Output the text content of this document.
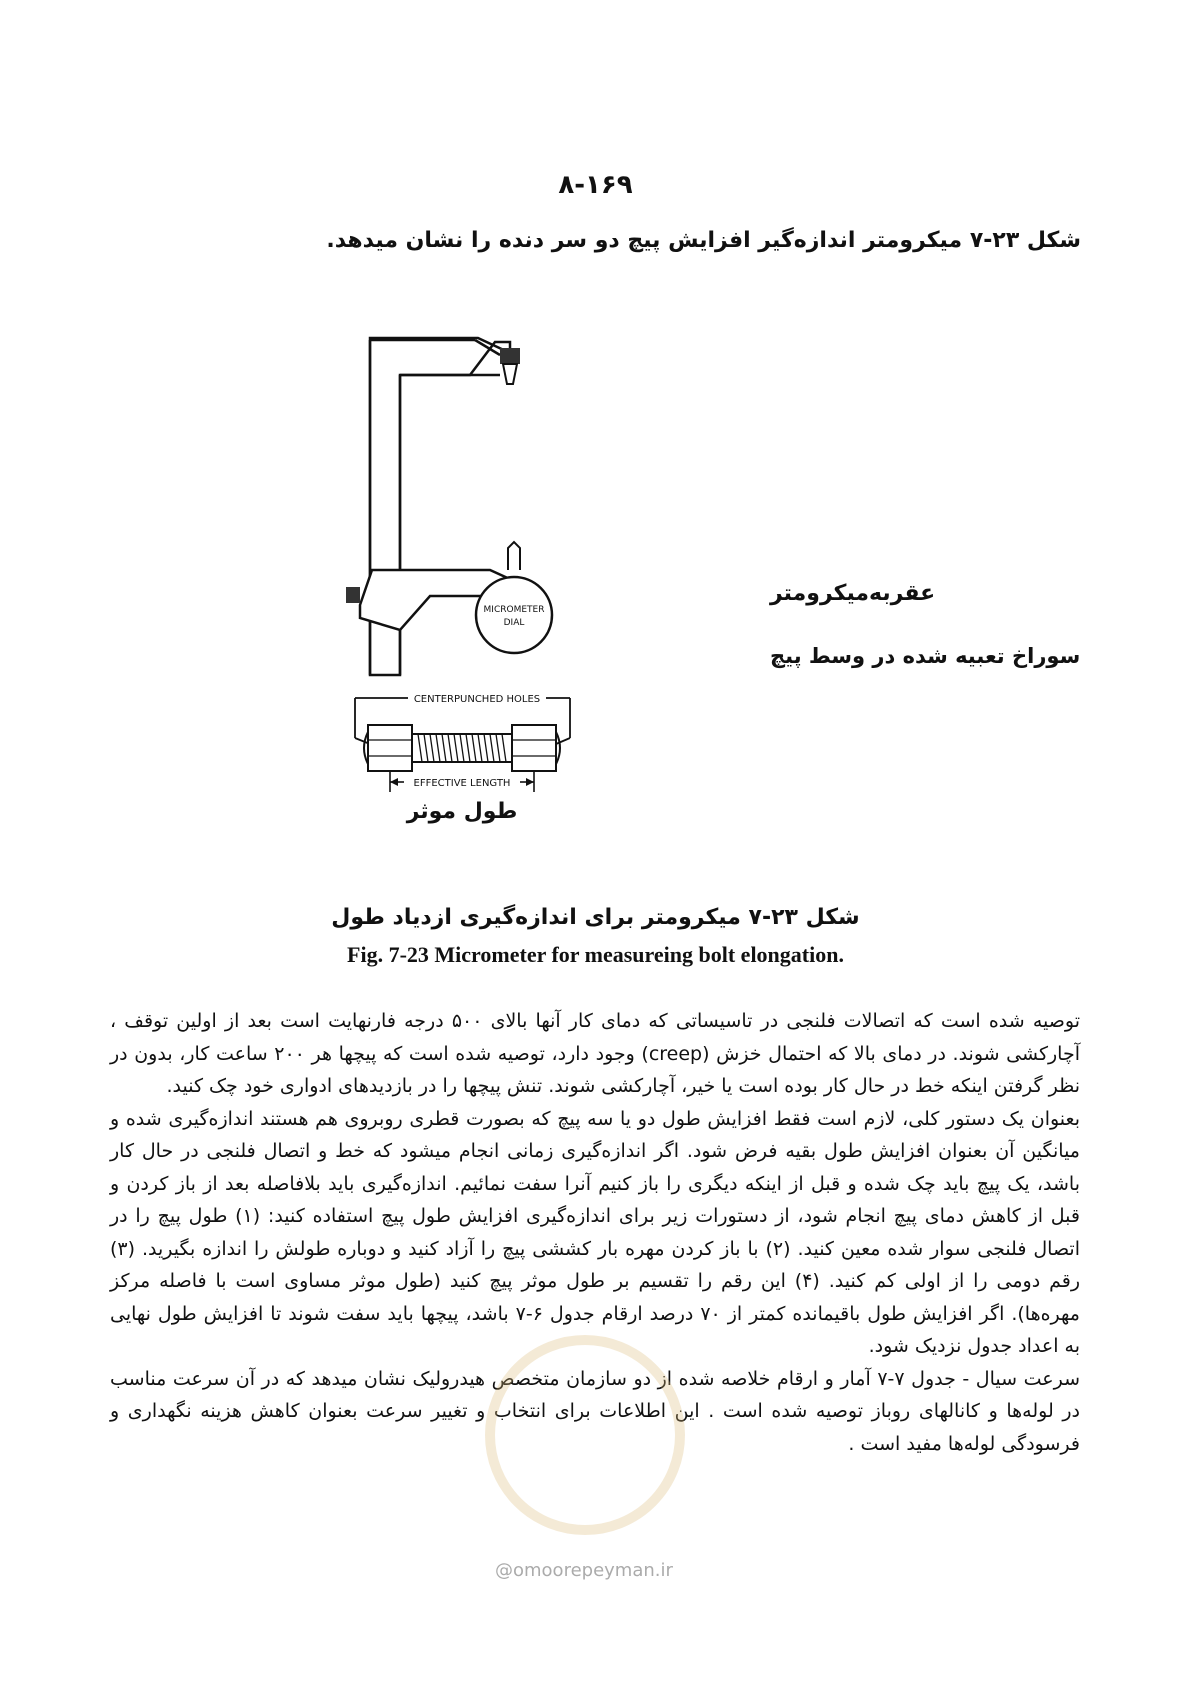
۸-۱۶۹
شکل ۲۳-۷ میکرومتر اندازه‌گیر افزایش پیچ دو سر دنده را نشان میدهد.
MICROMETER
DIAL
عقربه‌میکرومتر
سوراخ تعبیه شده در وسط پیچ
CENTERPUNCHED HOLES
EFFECTIVE LENGTH
طول موثر
شکل ۲۳-۷ میکرومتر برای اندازه‌گیری ازدیاد طول
Fig. 7-23 Micrometer for measureing bolt elongation.

توصیه شده است که اتصالات فلنجی در تاسیساتی که دمای کار آنها بالای ۵۰۰ درجه فارنهایت است بعد از اولین توقف ، آچارکشی شوند. در دمای بالا که احتمال خزش (creep) وجود دارد، توصیه شده است که پیچها هر ۲۰۰ ساعت کار، بدون در نظر گرفتن اینکه خط در حال کار بوده است یا خیر، آچارکشی شوند. تنش پیچها را در بازدیدهای ادواری خود چک کنید.

بعنوان یک دستور کلی، لازم است فقط افزایش طول دو یا سه پیچ که بصورت قطری روبروی هم هستند اندازه‌گیری شده و میانگین آن بعنوان افزایش طول بقیه فرض شود. اگر اندازه‌گیری زمانی انجام میشود که خط و اتصال فلنجی در حال کار باشد، یک پیچ باید چک شده و قبل از اینکه دیگری را باز کنیم آنرا سفت نمائیم. اندازه‌گیری باید بلافاصله بعد از باز کردن و قبل از کاهش دمای پیچ انجام شود، از دستورات زیر برای اندازه‌گیری افزایش طول پیچ استفاده کنید: (۱) طول پیچ را در اتصال فلنجی سوار شده معین کنید. (۲) با باز کردن مهره بار کششی پیچ را آزاد کنید و دوباره طولش را اندازه بگیرید. (۳) رقم دومی را از اولی کم کنید. (۴) این رقم را تقسیم بر طول موثر پیچ کنید (طول موثر مساوی است با فاصله مرکز مهره‌ها). اگر افزایش طول باقیمانده کمتر از ۷۰ درصد ارقام جدول ۶-۷ باشد، پیچها باید سفت شوند تا افزایش طول نهایی به اعداد جدول نزدیک شود.

سرعت سیال - جدول ۷-۷ آمار و ارقام خلاصه شده از دو سازمان متخصص هیدرولیک نشان میدهد که در آن سرعت مناسب در لوله‌ها و کانالهای روباز توصیه شده است . این اطلاعات برای انتخاب و تغییر سرعت بعنوان کاهش هزینه نگهداری و فرسودگی لوله‌ها مفید است .

@omoorepeyman.ir
